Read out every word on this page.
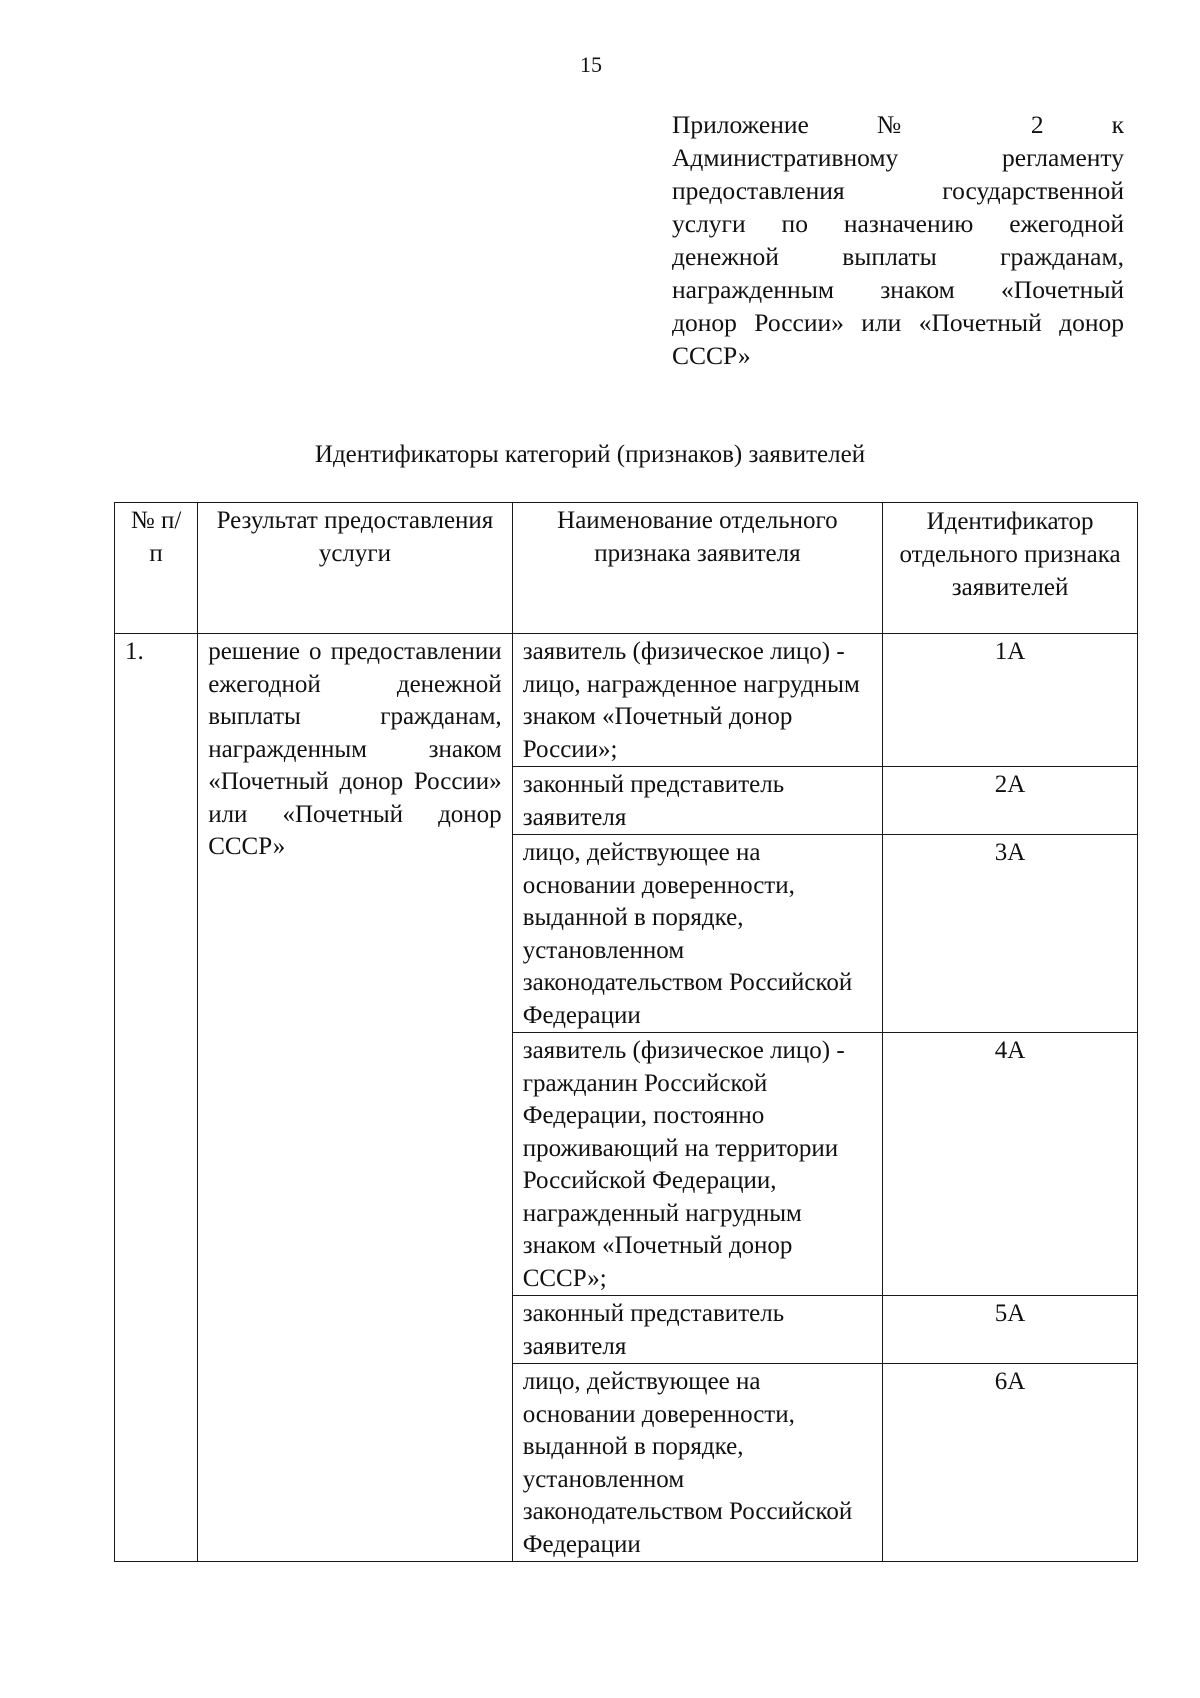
15
Приложение № 2 к
Административному регламенту
предоставления государственной
услуги по назначению ежегодной
денежной выплаты гражданам,
награжденным знаком «Почетный
донор России» или «Почетный донор
СССР»
Идентификаторы категорий (признаков) заявителей
№ п/п	Результат предоставления услуги	Наименование отдельного признака заявителя	Идентификатор отдельного признака заявителей
1.	решение о предоставлении ежегодной денежной выплаты гражданам, награжденным знаком «Почетный донор России» или «Почетный донор СССР»	заявитель (физическое лицо) - лицо, награжденное нагрудным знаком «Почетный донор России»;	1А
		законный представитель заявителя	2А
		лицо, действующее на основании доверенности, выданной в порядке, установленном законодательством Российской Федерации	3А
		заявитель (физическое лицо) - гражданин Российской Федерации, постоянно проживающий на территории Российской Федерации, награжденный нагрудным знаком «Почетный донор СССР»;	4А
		законный представитель заявителя	5А
		лицо, действующее на основании доверенности, выданной в порядке, установленном законодательством Российской Федерации	6А
